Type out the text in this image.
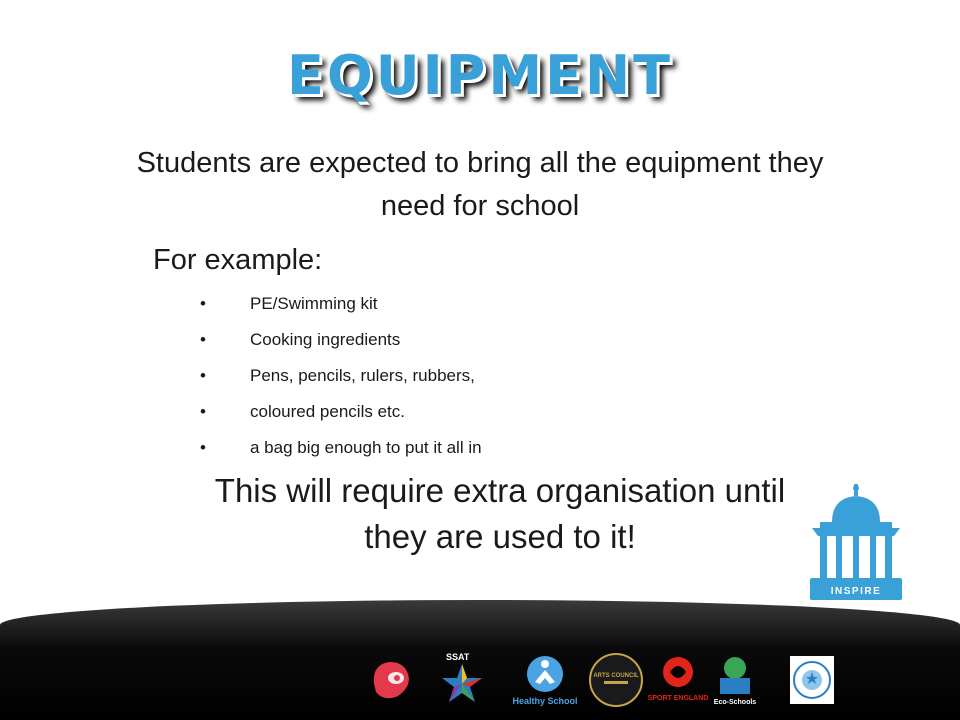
EQUIPMENT
Students are expected to bring all the equipment they need for school
For example:
•	PE/Swimming kit
•	Cooking ingredients
•	Pens, pencils, rulers, rubbers,
•	coloured pencils etc.
•	a bag big enough to put it all in
This will require extra organisation until they are used to it!
INSPIRE
SSAT
Healthy School
ARTS COUNCIL
SPORT ENGLAND
Eco-Schools
